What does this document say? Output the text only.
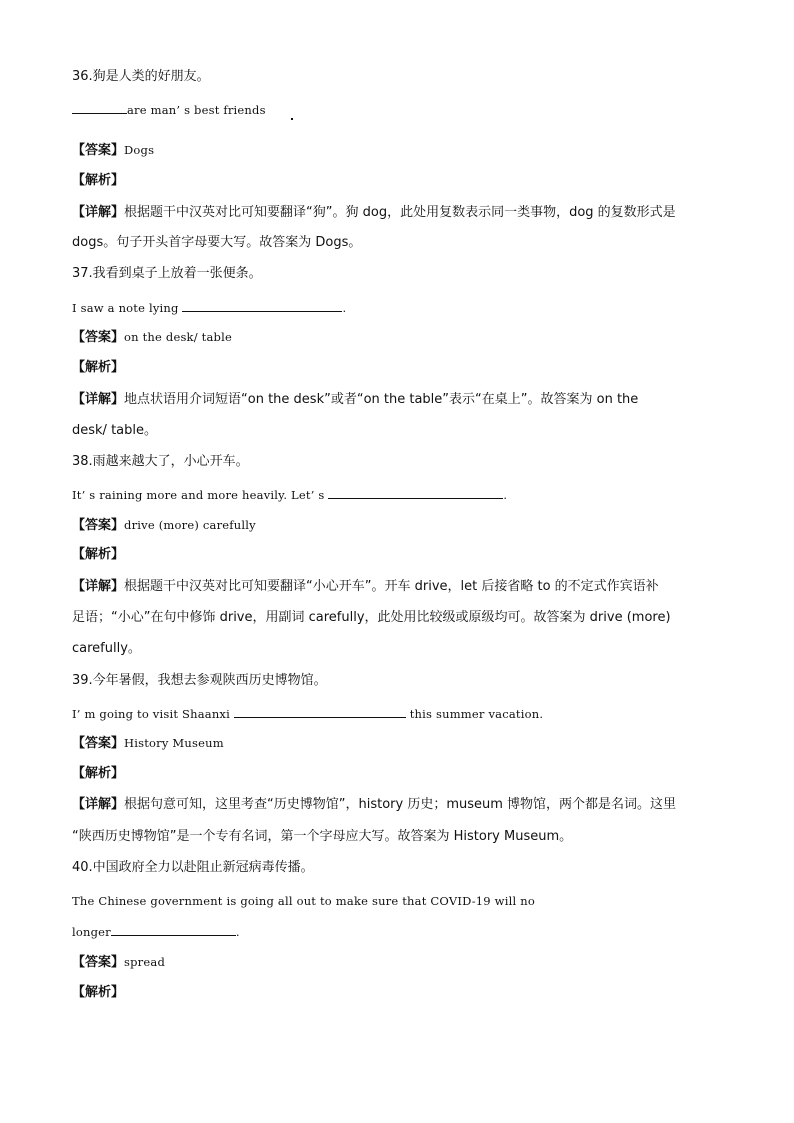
36.狗是人类的好朋友。
are man’ s best friends
【答案】Dogs
【解析】
【详解】根据题干中汉英对比可知要翻译“狗”。狗 dog，此处用复数表示同一类事物，dog 的复数形式是
dogs。句子开头首字母要大写。故答案为 Dogs。
37.我看到桌子上放着一张便条。
I saw a note lying	.
【答案】on the desk/ table
【解析】
【详解】地点状语用介词短语“on the desk”或者“on the table”表示“在桌上”。故答案为 on the
desk/ table。
38.雨越来越大了，小心开车。
It’ s raining more and more heavily. Let’ s	.
【答案】drive (more) carefully
【解析】
【详解】根据题干中汉英对比可知要翻译“小心开车”。开车 drive，let 后接省略 to 的不定式作宾语补
足语；“小心”在句中修饰 drive，用副词 carefully，此处用比较级或原级均可。故答案为 drive (more)
carefully。
39.今年暑假，我想去参观陕西历史博物馆。
I’ m going to visit Shaanxi	this summer vacation.
【答案】History Museum
【解析】
【详解】根据句意可知，这里考查“历史博物馆”，history 历史；museum 博物馆，两个都是名词。这里
“陕西历史博物馆”是一个专有名词，第一个字母应大写。故答案为 History Museum。
40.中国政府全力以赴阻止新冠病毒传播。
The Chinese government is going all out to make sure that COVID-19 will no
longer	.
【答案】spread
【解析】
